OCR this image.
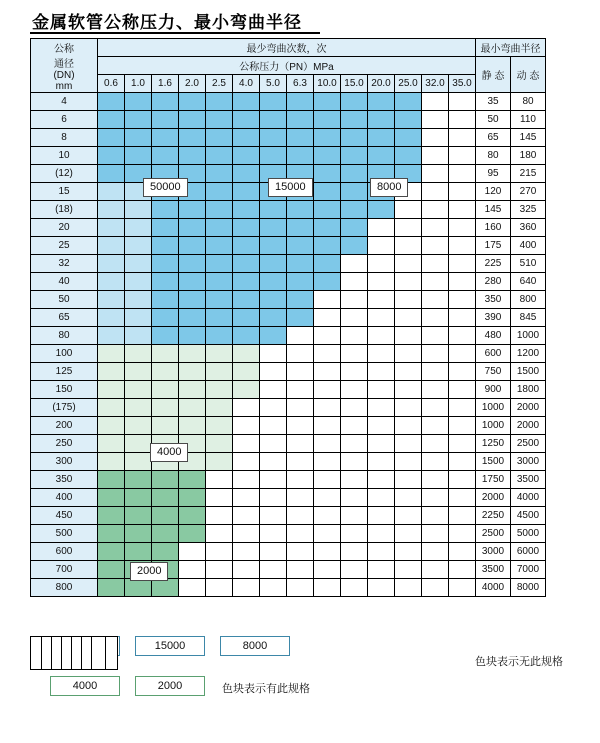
金属软管公称压力、最小弯曲半径
公称
通径
(DN)
mm	最少弯曲次数，次														最小弯曲半径	
	公称压力（PN）MPa														静 态	动 态
	0.6	1.0	1.6	2.0	2.5	4.0	5.0	6.3	10.0	15.0	20.0	25.0	32.0	35.0		
4															35	80
6															50	110
8															65	145
10															80	180
(12)															95	215
15															120	270
(18)															145	325
20															160	360
25															175	400
32															225	510
40															280	640
50															350	800
65															390	845
80															480	1000
100															600	1200
125															750	1500
150															900	1800
(175)															1000	2000
200															1000	2000
250															1250	2500
300															1500	3000
350															1750	3500
400															2000	4000
450															2250	4500
500															2500	5000
600															3000	6000
700															3500	7000
800															4000	8000
50000	15000	8000
4000
2000
15000	8000
4000	2000	色块表示有此规格
色块表示无此规格
